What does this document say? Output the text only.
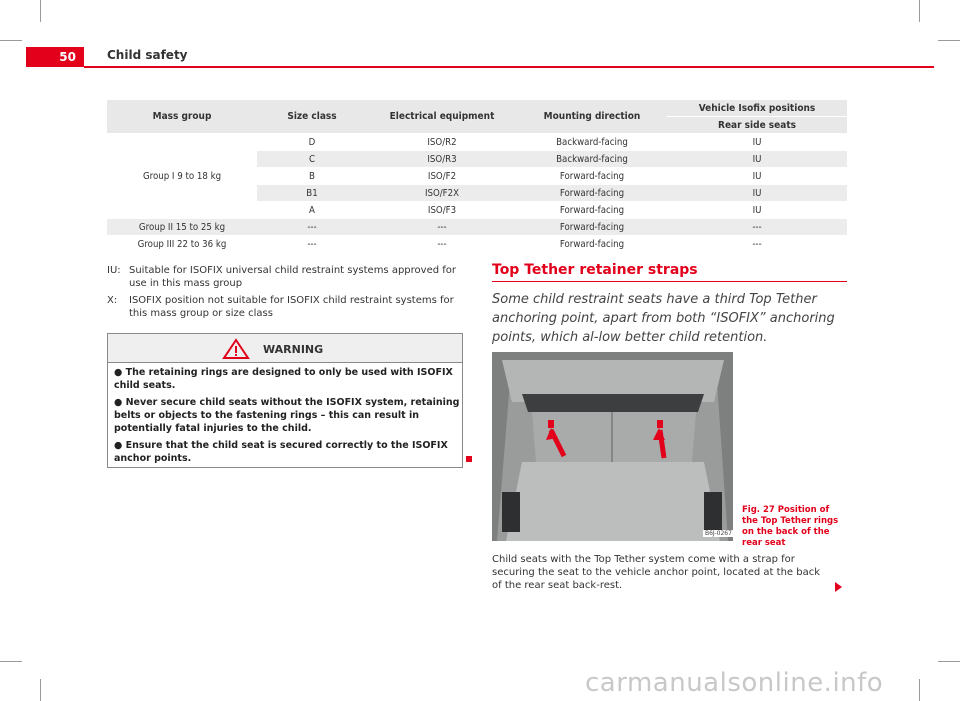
50	Child safety
Mass group	Size class	Electrical equipment	Mounting direction	Vehicle Isofix positions
				Rear side seats
Group I 9 to 18 kg	D	ISO/R2	Backward-facing	IU
	C	ISO/R3	Backward-facing	IU
	B	ISO/F2	Forward-facing	IU
	B1	ISO/F2X	Forward-facing	IU
	A	ISO/F3	Forward-facing	IU
Group II 15 to 25 kg	---	---	Forward-facing	---
Group III 22 to 36 kg	---	---	Forward-facing	---
IU: Suitable for ISOFIX universal child restraint systems approved for use in this mass group
X: ISOFIX position not suitable for ISOFIX child restraint systems for this mass group or size class
WARNING

● The retaining rings are designed to only be used with ISOFIX child seats.

● Never secure child seats without the ISOFIX system, retaining belts or objects to the fastening rings – this can result in potentially fatal injuries to the child.

● Ensure that the child seat is secured correctly to the ISOFIX anchor points.

Top Tether retainer straps
Some child restraint seats have a third Top Tether anchoring point, apart from both “ISOFIX” anchoring points, which al-low better child retention.
B6J-0267
Fig. 27 Position of the Top Tether rings on the back of the rear seat
Child seats with the Top Tether system come with a strap for securing the seat to the vehicle anchor point, located at the back of the rear seat back-rest.
carmanualsonline.info
